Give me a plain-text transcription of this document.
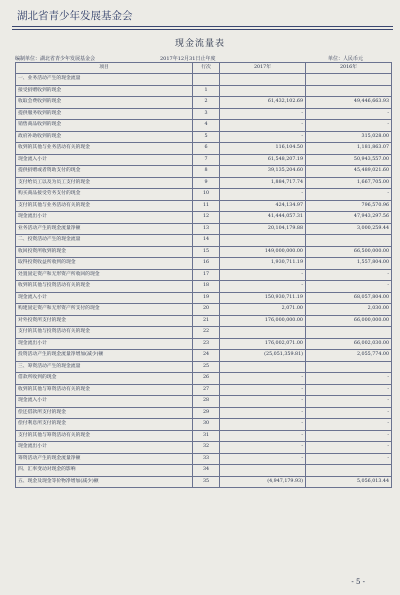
湖北省青少年发展基金会
现金流量表
编制单位：湖北省青少年发展基金会	2017年12月31日止年度	单位：人民币元
项目	行次	2017年	2016年
一、业务活动产生的现金流量			
接受捐赠收到的现金	1		
收取会费收到的现金	2	61,432,102.69	49,446,663.93
提供服务收到的现金	3	-	-
销售商品收到的现金	4	-	-
政府补助收到的现金	5	-	315,028.00
收到的其他与业务活动有关的现金	6	116,104.50	1,181,863.07
现金流入小计	7	61,548,207.19	50,943,557.00
提供捐赠或者资助支付的现金	8	39,135,204.60	45,489,021.60
支付给员工以及为员工支付的现金	9	1,884,717.74	1,667,705.00
购买商品接受劳务支付的现金	10	-	-
支付的其他与业务活动有关的现金	11	424,134.97	796,570.96
现金流出小计	12	41,444,057.31	47,943,297.56
业务活动产生的现金流量净额	13	20,104,179.88	3,000,259.44
二、投资活动产生的现金流量	14		
收回投资所收到的现金	15	149,000,000.00	66,500,000.00
取得投资收益所收到的现金	16	1,930,711.19	1,557,804.00
处置固定资产和无形资产所收回的现金	17	-	-
收到的其他与投资活动有关的现金	18	-	-
现金流入小计	19	150,930,711.19	68,057,804.00
购建固定资产和无形资产所支付的现金	20	2,071.00	2,030.00
对外投资所支付的现金	21	176,000,000.00	66,000,000.00
支付的其他与投资活动有关的现金	22		
现金流出小计	23	176,002,071.00	66,002,030.00
投资活动产生的现金流量净增加(减少)额	24	(25,051,359.81)	2,055,774.00
三、筹资活动产生的现金流量	25		
借款所收到的现金	26	-	-
收到的其他与筹资活动有关的现金	27	-	-
现金流入小计	28	-	-
偿还借款所支付的现金	29	-	-
偿付利息所支付的现金	30	-	-
支付的其他与筹资活动有关的现金	31	-	-
现金流出小计	32	-	-
筹资活动产生的现金流量净额	33	-	-
四、汇率变动对现金的影响	34		
五、现金及现金等价物净增加(减少)额	35	(4,947,179.93)	5,056,013.44
- 5 -
